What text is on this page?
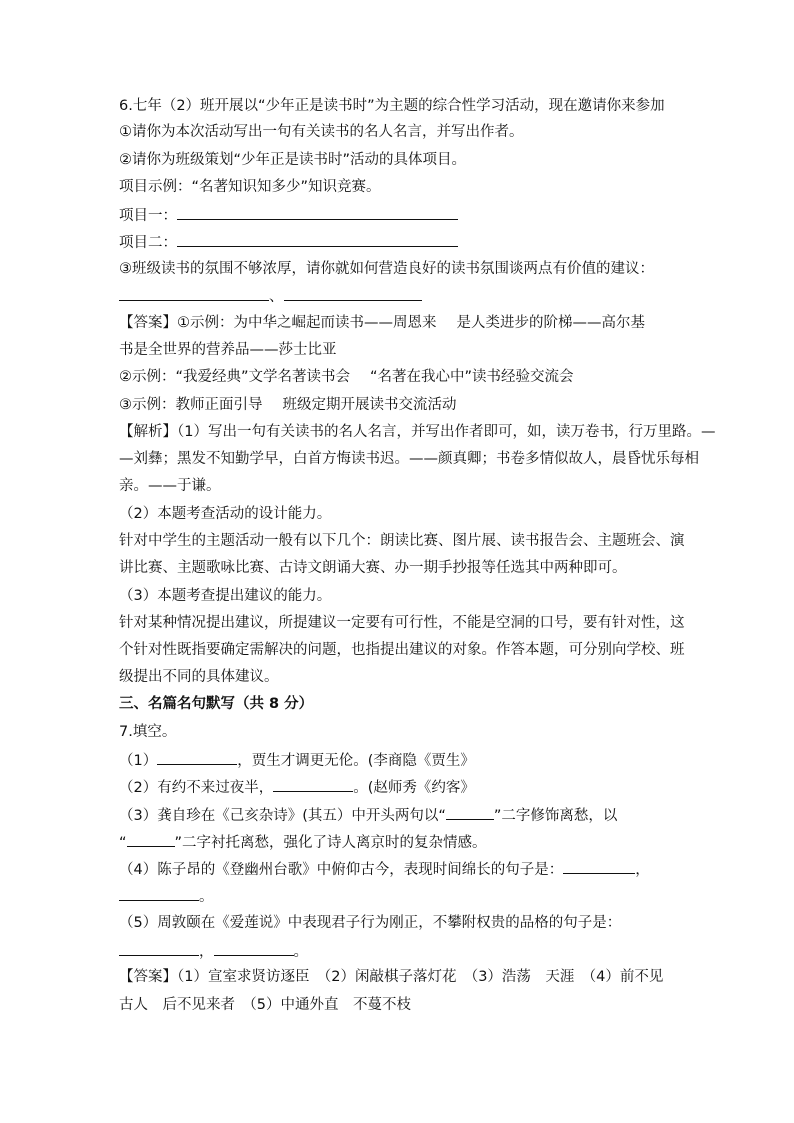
6.七年（2）班开展以“少年正是读书时”为主题的综合性学习活动，现在邀请你来参加
①请你为本次活动写出一句有关读书的名人名言，并写出作者。
②请你为班级策划“少年正是读书时”活动的具体项目。
项目示例：“名著知识知多少”知识竞赛。
项目一：
项目二：
③班级读书的氛围不够浓厚，请你就如何营造良好的读书氛围谈两点有价值的建议：
、
【答案】①示例：为中华之崛起而读书——周恩来 是人类进步的阶梯——高尔基
书是全世界的营养品——莎士比亚
②示例：“我爱经典”文学名著读书会 “名著在我心中”读书经验交流会
③示例：教师正面引导 班级定期开展读书交流活动
【解析】（1）写出一句有关读书的名人名言，并写出作者即可，如，读万卷书，行万里路。—
—刘彝；黑发不知勤学早，白首方悔读书迟。——颜真卿；书卷多情似故人，晨昏忧乐每相
亲。——于谦。
（2）本题考查活动的设计能力。
针对中学生的主题活动一般有以下几个：朗读比赛、图片展、读书报告会、主题班会、演
讲比赛、主题歌咏比赛、古诗文朗诵大赛、办一期手抄报等任选其中两种即可。
（3）本题考查提出建议的能力。
针对某种情况提出建议，所提建议一定要有可行性，不能是空洞的口号，要有针对性，这
个针对性既指要确定需解决的问题，也指提出建议的对象。作答本题，可分别向学校、班
级提出不同的具体建议。
三、名篇名句默写（共 8 分）
7.填空。
（1）	，贾生才调更无伦。(李商隐《贾生》
（2）有约不来过夜半，	。(赵师秀《约客》
（3）龚自珍在《己亥杂诗》(其五）中开头两句以“	”二字修饰离愁，以
“	”二字衬托离愁，强化了诗人离京时的复杂情感。
（4）陈子昂的《登幽州台歌》中俯仰古今，表现时间绵长的句子是：	，
。
（5）周敦颐在《爱莲说》中表现君子行为刚正，不攀附权贵的品格的句子是：
，	。
【答案】（1）宣室求贤访逐臣　（2）闲敲棋子落灯花　（3）浩荡　天涯　（4）前不见
古人　后不见来者　（5）中通外直　不蔓不枝
